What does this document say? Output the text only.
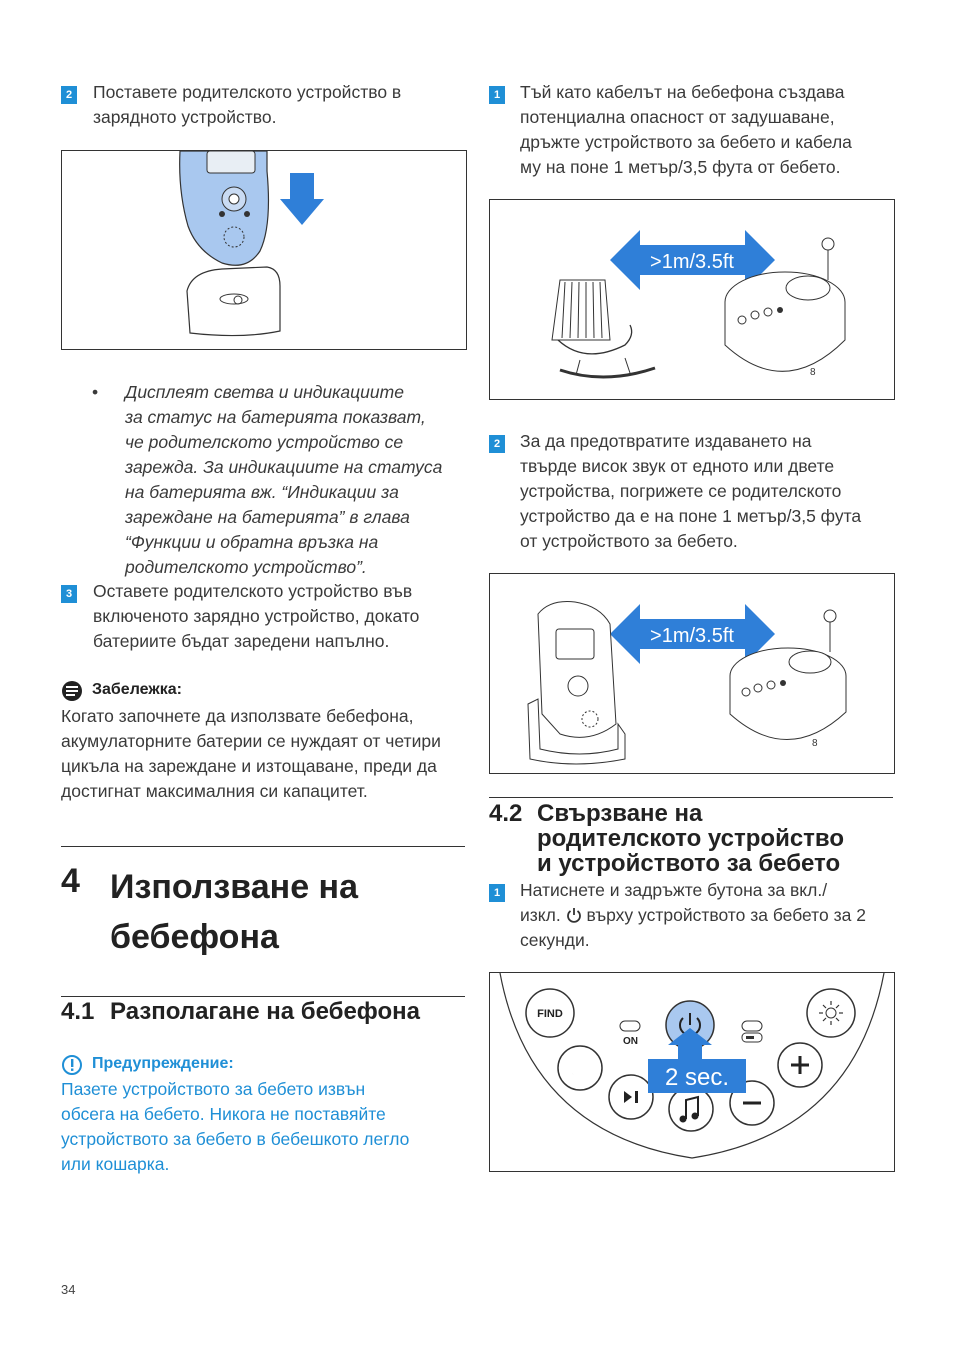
2 Поставете родителското устройство в
зарядното устройство.
• Дисплеят светва и индикациите
за статус на батерията показват,
че родителското устройство се
зарежда. За индикациите на статуса
на батерията вж. “Индикации за
зареждане на батерията” в глава
“Функции и обратна връзка на
родителското устройство”.
3 Оставете родителското устройство във
включеното зарядно устройство, докато
батериите бъдат заредени напълно.
Забележка:
Когато започнете да използвате бебефона,
акумулаторните батерии се нуждаят от четири
цикъла на зареждане и изтощаване, преди да
достигнат максималния си капацитет.
4 Използване на
бебефона
4.1 Разполагане на бебефона
Предупреждение:
Пазете устройството за бебето извън
обсега на бебето. Никога не поставяйте
устройството за бебето в бебешкото легло
или кошарка.
34
1 Тъй като кабелът на бебефона създава
потенциална опасност от задушаване,
дръжте устройството за бебето и кабела
му на поне 1 метър/3,5 фута от бебето.
>1m/3.5ft
8
2 За да предотвратите издаването на
твърде висок звук от едното или двете
устройства, погрижете се родителското
устройство да е на поне 1 метър/3,5 фута
от устройството за бебето.
>1m/3.5ft
8
4.2 Свързване на
родителското устройство
и устройството за бебето
1 Натиснете и задръжте бутона за вкл./
изкл. върху устройството за бебето за 2
секунди.
FIND
ON
2 sec.
